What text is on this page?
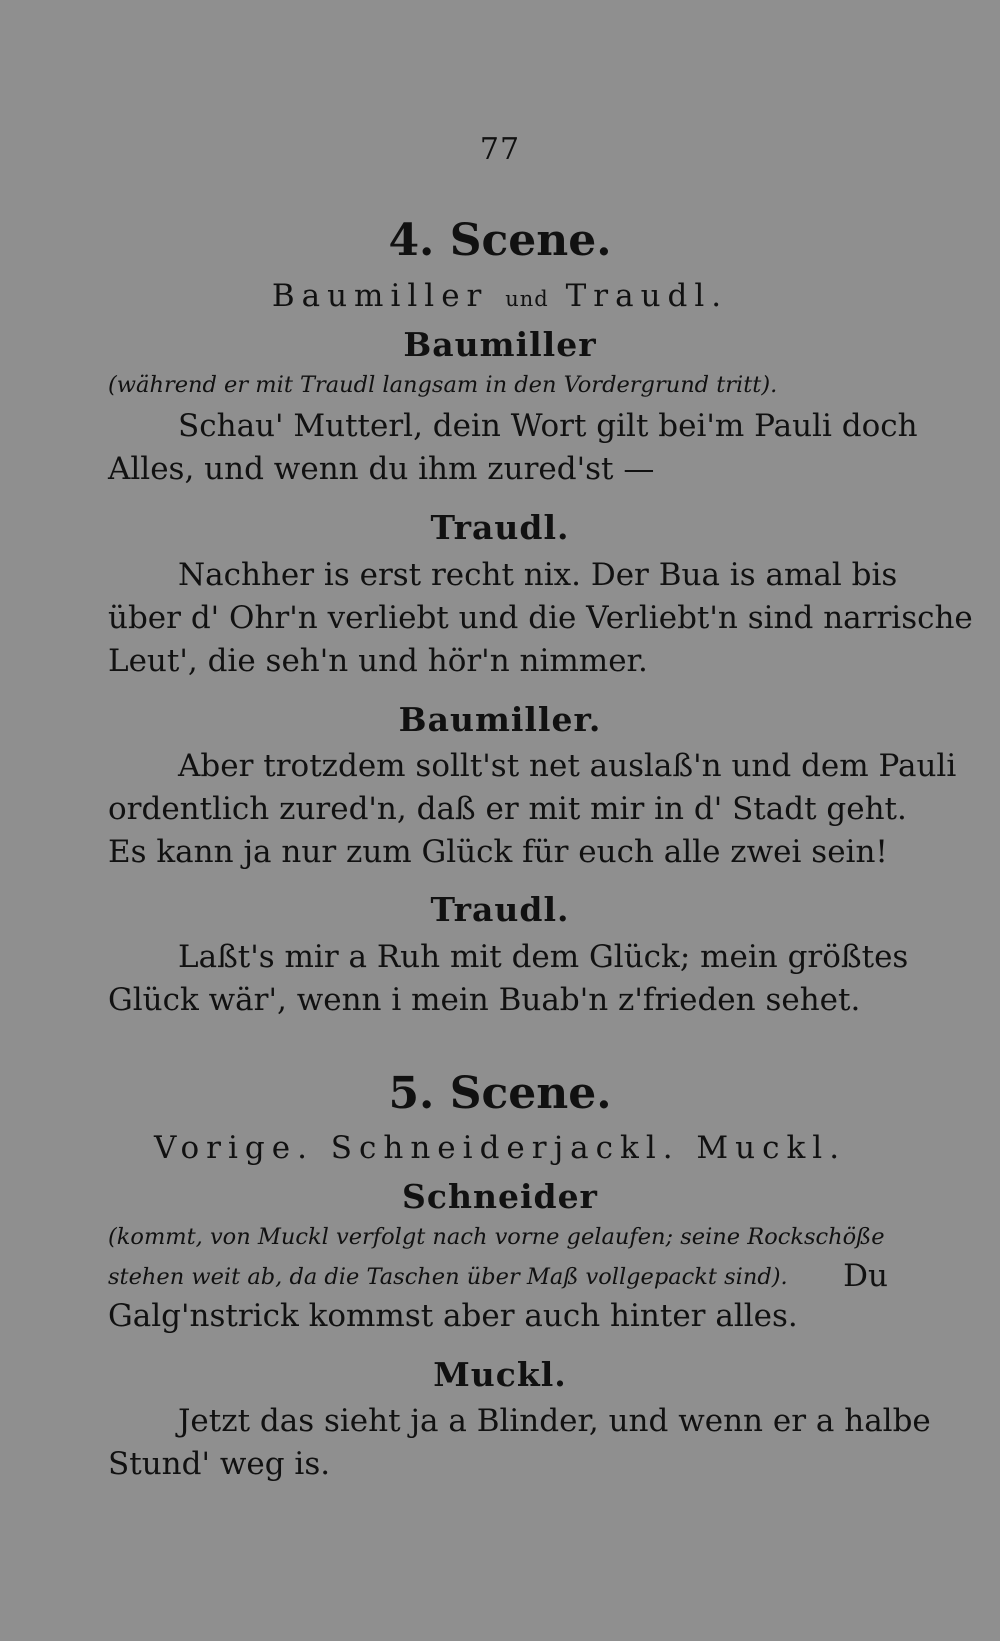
77
4. Scene.
Baumiller und Traudl.
Baumiller
(während er mit Traudl langsam in den Vordergrund tritt).
Schau' Mutterl, dein Wort gilt bei'm Pauli doch
Alles, und wenn du ihm zured'st —
Traudl.
Nachher is erst recht nix. Der Bua is amal bis
über d' Ohr'n verliebt und die Verliebt'n sind narrische
Leut', die seh'n und hör'n nimmer.
Baumiller.
Aber trotzdem sollt'st net auslaß'n und dem Pauli
ordentlich zured'n, daß er mit mir in d' Stadt geht.
Es kann ja nur zum Glück für euch alle zwei sein!
Traudl.
Laßt's mir a Ruh mit dem Glück; mein größtes
Glück wär', wenn i mein Buab'n z'frieden sehet.
5. Scene.
Vorige. Schneiderjackl. Muckl.
Schneider
(kommt, von Muckl verfolgt nach vorne gelaufen; seine Rockschöße
stehen weit ab, da die Taschen über Maß vollgepackt sind). Du
Galg'nstrick kommst aber auch hinter alles.
Muckl.
Jetzt das sieht ja a Blinder, und wenn er a halbe
Stund' weg is.
